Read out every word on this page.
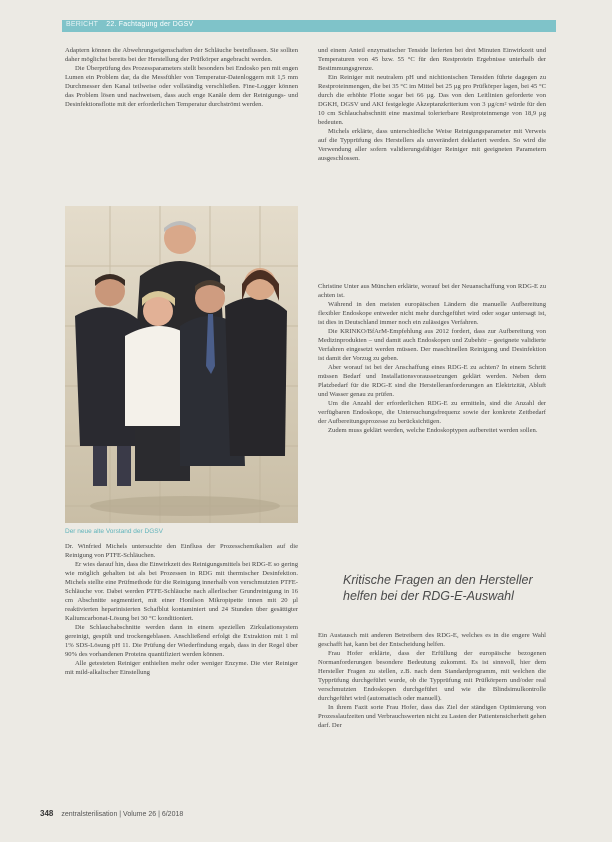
BERICHT 22. Fachtagung der DGSV

Adaptern können die Abwehrungseigenschaften der Schläuche beeinflussen. Sie sollten daher möglichst bereits bei der Herstellung der Prüfkörper angebracht werden.

Die Überprüfung des Prozessparameters stellt besonders bei Endosko pen mit engen Lumen ein Problem dar, da die Messfühler von Temperatur-Datenloggern mit 1,5 mm Durchmesser den Kanal teilweise oder vollständig verschließen. Fine-Logger können das Problem lösen und nachweisen, dass auch enge Kanäle dem der Reinigungs- und Desinfektionsflotte mit der erforderlichen Temperatur durchströmt werden.

Der neue alte Vorstand der DGSV

Dr. Winfried Michels untersuchte den Einfluss der Prozesschemikalien auf die Reinigung von PTFE-Schläuchen.

Er wies darauf hin, dass die Einwirkzeit des Reinigungsmittels bei RDG-E so gering wie möglich gehalten ist als bei Prozessen in RDG mit thermischer Desinfektion. Michels stellte eine Prüfmethode für die Reinigung innerhalb von verschmutzten PTFE-Schläuche vor. Dabei werden PTFE-Schläuche nach allerlischer Grundreinigung in 16 cm Abschnitte segmentiert, mit einer Honilson Mikropipette innen mit 20 µl reaktivierten heparinisierten Schafblut kontaminiert und 24 Stunden über gesättigter Kaliumcarbonat-Lösung bei 30 °C konditioniert.

Die Schlauchabschnitte werden dann in einem speziellen Zirkulationsystem gereinigt, gespült und trockengeblasen. Anschließend erfolgt die Extraktion mit 1 ml 1% SDS-Lösung pH 11. Die Prüfung der Wiederfindung ergab, dass in der Regel über 90% des vorhandenen Proteins quantifiziert werden können.

Alle getesteten Reiniger enthielten mehr oder weniger Enzyme. Die vier Reiniger mit mild-alkalischer Einstellung

und einem Anteil enzymatischer Tenside lieferten bei drei Minuten Einwirkzeit und Temperaturen von 45 bzw. 55 °C für den Restprotein Ergebnisse unterhalb der Bestimmungsgrenze.

Ein Reiniger mit neutralem pH und nichtionischen Tensiden führte dagegen zu Restproteinmengen, die bei 35 °C im Mittel bei 25 µg pro Prüfkörper lagen, bei 45 °C durch die erhöhte Flotte sogar bei 66 µg. Das von den Leitlinien geforderte von DGKH, DGSV und AKI festgelegte Akzeptanzkriterium von 3 µg/cm² würde für den 10 cm Schlauchabschnitt eine maximal tolerierbare Restproteinmenge von 18,9 µg bedeuten.

Michels erklärte, dass unterschiedliche Weise Reinigungsparameter mit Verweis auf die Typprüfung des Herstellers als unverändert deklariert werden. So wird die Verwendung aller sofern validierungsfähiger Reiniger mit geeigneten Parametern ausgeschlossen.

Christine Unter aus München erklärte, worauf bei der Neuanschaffung von RDG-E zu achten ist.

Während in den meisten europäischen Ländern die manuelle Aufbereitung flexibler Endoskope entweder nicht mehr durchgeführt wird oder sogar untersagt ist, ist dies in Deutschland immer noch ein zulässiges Verfahren.

Die KRINKO/BfArM-Empfehlung aus 2012 fordert, dass zur Aufbereitung von Medizinprodukten – und damit auch Endoskopen und Zubehör – geeignete validierte Verfahren eingesetzt werden müssen. Der maschinellen Reinigung und Desinfektion ist damit der Vorzug zu geben.

Aber worauf ist bei der Anschaffung eines RDG-E zu achten? In einem Schritt müssen Bedarf und Installationsvoraussetzungen geklärt werden. Neben dem Platzbedarf für die RDG-E sind die Herstelleranforderungen an Elektrizität, Abluft und Wasser genau zu prüfen.

Um die Anzahl der erforderlichen RDG-E zu ermitteln, sind die Anzahl der verfügbaren Endoskope, die Untersuchungsfrequenz sowie der konkrete Zeitbedarf der Aufbereitungsprozesse zu berücksichtigen.

Zudem muss geklärt werden, welche Endoskoptypen aufbereitet werden sollen.

Kritische Fragen an den Hersteller helfen bei der RDG-E-Auswahl

Ein Austausch mit anderen Betreibern des RDG-E, welches es in die engere Wahl geschafft hat, kann bei der Entscheidung helfen.

Frau Hofer erklärte, dass der Erfüllung der europäische bezogenen Normanforderungen besondere Bedeutung zukommt. Es ist sinnvoll, hier dem Hersteller Fragen zu stellen, z.B. nach dem Standardprogramm, mit welchen die Typprüfung durchgeführt wurde, ob die Typprüfung mit Prüfkörpern und/oder real verschmutzten Endoskopen durchgeführt und wie die Blindsimulkontrolle durchgeführt wird (automatisch oder manuell).

In ihrem Fazit sorte Frau Hofer, dass das Ziel der ständigen Optimierung von Prozesslaufzeiten und Verbrauchswerten nicht zu Lasten der Patientensicherheit gehen darf. Der

348 zentralsterilisation | Volume 26 | 6/2018
